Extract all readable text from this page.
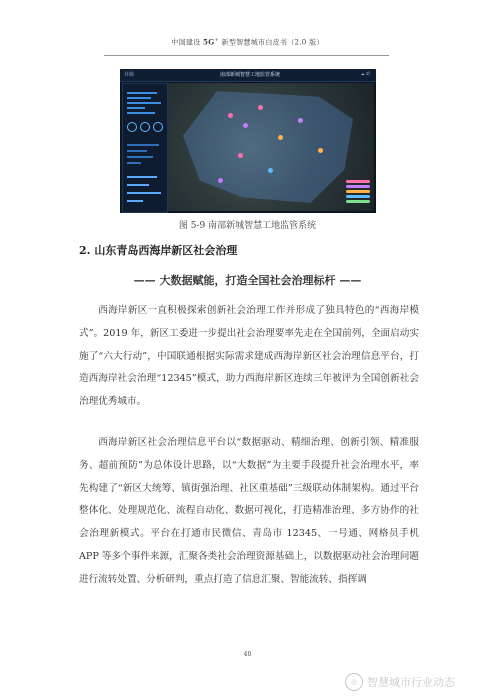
中国建设 5G+ 新型智慧城市白皮书（2.0 版）
昇腾	南部新城智慧工地监管系统	☁ 晴
图 5-9 南部新城智慧工地监管系统
2. 山东青岛西海岸新区社会治理
—— 大数据赋能，打造全国社会治理标杆 ——

西海岸新区一直积极探索创新社会治理工作并形成了独具特色的“西海岸模式”。2019 年，新区工委进一步提出社会治理要率先走在全国前列，全面启动实施了“六大行动”，中国联通根据实际需求建成西海岸新区社会治理信息平台，打造西海岸社会治理“12345”模式，助力西海岸新区连续三年被评为全国创新社会治理优秀城市。

西海岸新区社会治理信息平台以“数据驱动、精细治理、创新引领、精准服务、超前预防”为总体设计思路，以“大数据”为主要手段提升社会治理水平，率先构建了“新区大统筹、镇街强治理、社区重基础”三级联动体制架构。通过平台整体化、处理规范化、流程自动化、数据可视化，打造精准治理、多方协作的社会治理新模式。平台在打通市民微信、青岛市 12345、一号通、网格员手机 APP 等多个事件来源，汇聚各类社会治理资源基础上，以数据驱动社会治理问题进行流转处置、分析研判，重点打造了信息汇聚、智能流转、指挥调

40
◎ 智慧城市行业动态
